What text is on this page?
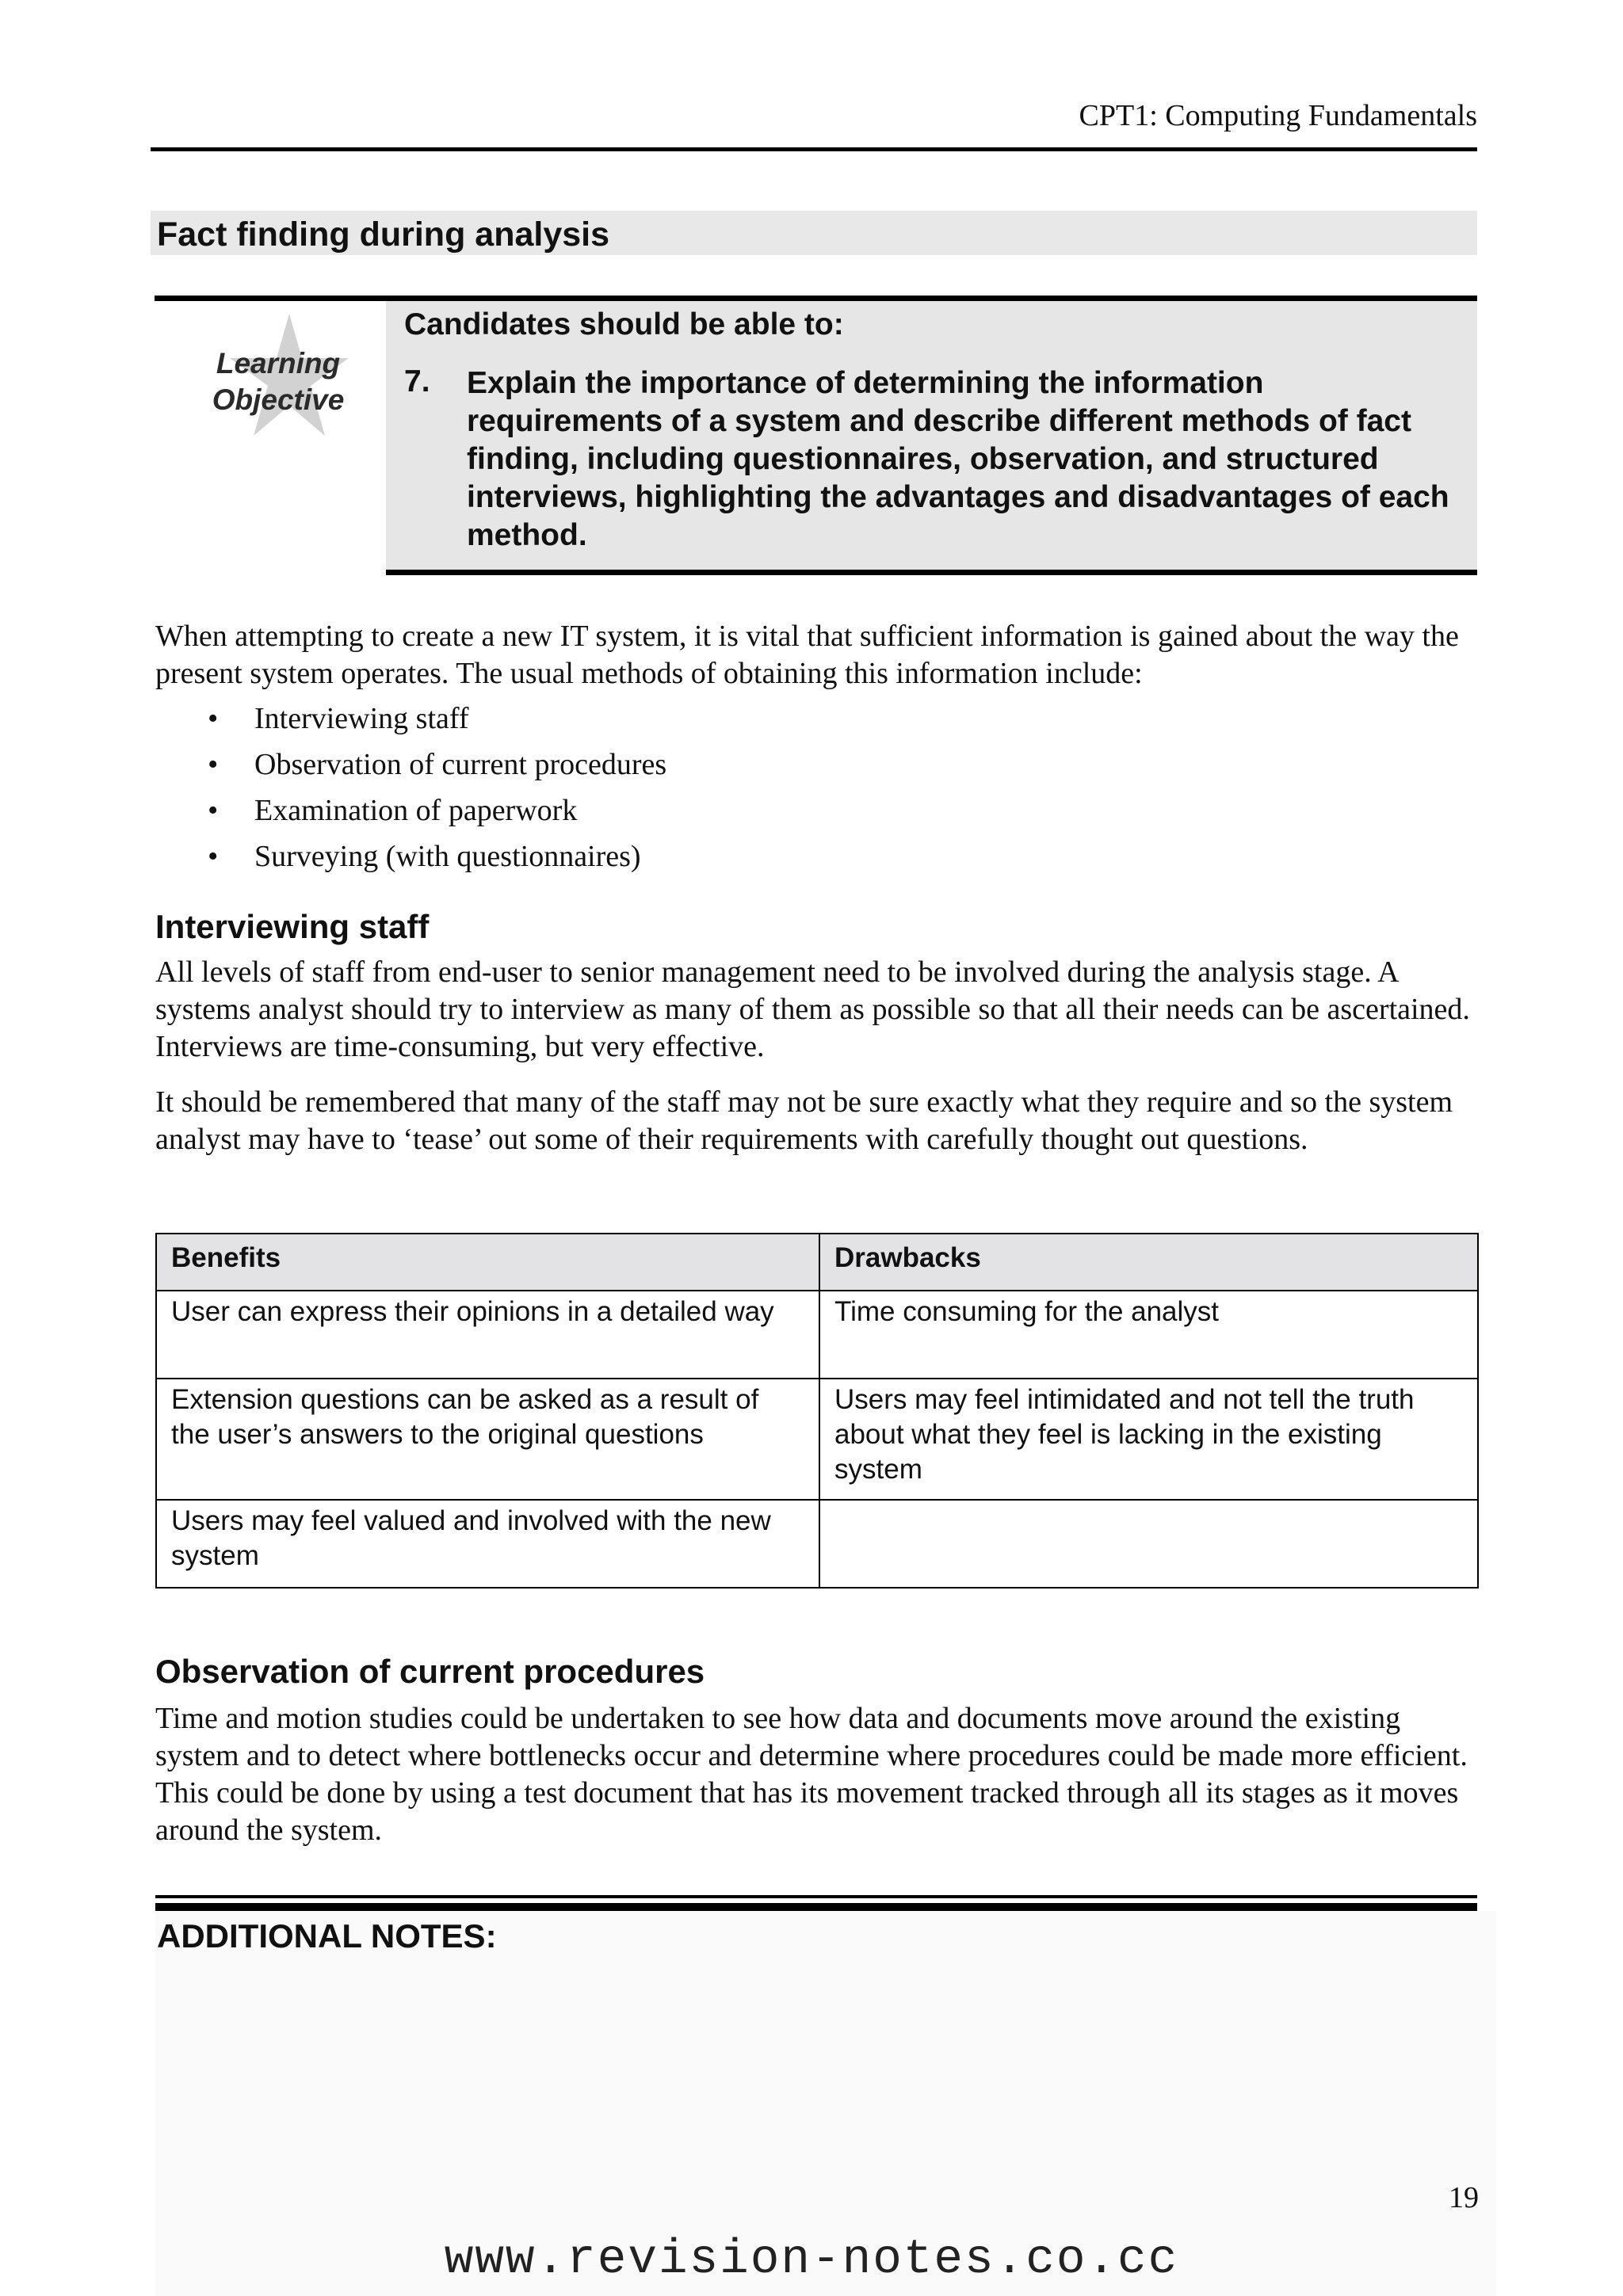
CPT1: Computing Fundamentals
Fact finding during analysis
Learning
Objective
Candidates should be able to:
7. Explain the importance of determining the information requirements of a system and describe different methods of fact finding, including questionnaires, observation, and structured interviews, highlighting the advantages and disadvantages of each method.
When attempting to create a new IT system, it is vital that sufficient information is gained about the way the present system operates. The usual methods of obtaining this information include:
• Interviewing staff
• Observation of current procedures
• Examination of paperwork
• Surveying (with questionnaires)
Interviewing staff
All levels of staff from end-user to senior management need to be involved during the analysis stage. A systems analyst should try to interview as many of them as possible so that all their needs can be ascertained. Interviews are time-consuming, but very effective.
It should be remembered that many of the staff may not be sure exactly what they require and so the system analyst may have to ‘tease’ out some of their requirements with carefully thought out questions.
Benefits	Drawbacks
User can express their opinions in a detailed way	Time consuming for the analyst
Extension questions can be asked as a result of the user’s answers to the original questions	Users may feel intimidated and not tell the truth about what they feel is lacking in the existing system
Users may feel valued and involved with the new system	
Observation of current procedures
Time and motion studies could be undertaken to see how data and documents move around the existing system and to detect where bottlenecks occur and determine where procedures could be made more efficient. This could be done by using a test document that has its movement tracked through all its stages as it moves around the system.
ADDITIONAL NOTES:
19
www.revision-notes.co.cc
